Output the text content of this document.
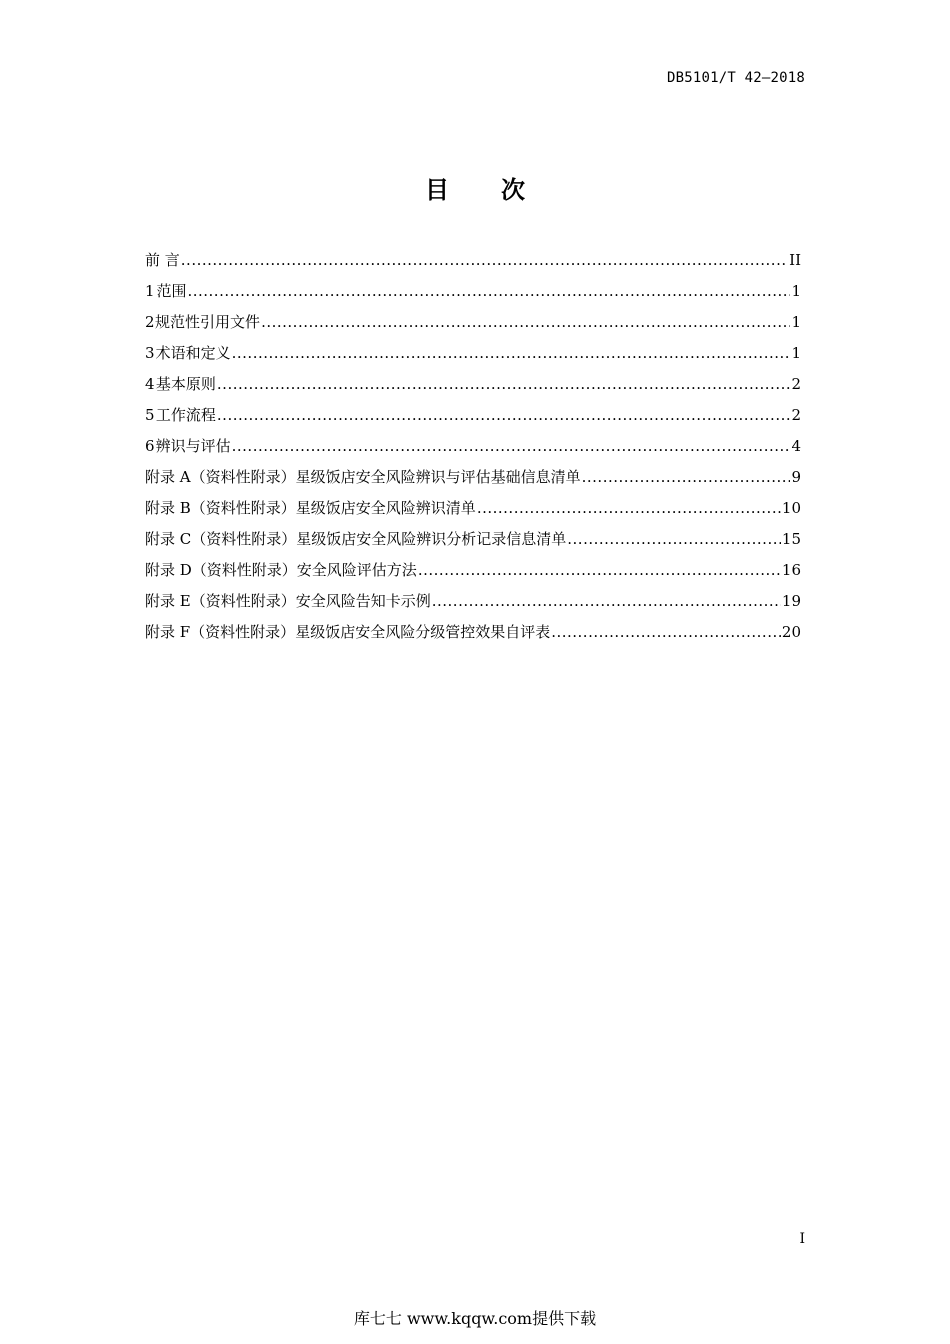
DB5101/T 42—2018
目 次
前 言 .....	II
1 范围 .....	1
2 规范性引用文件 .....	1
3 术语和定义 .....	1
4 基本原则 .....	2
5 工作流程 .....	2
6 辨识与评估 .....	4
附录 A（资料性附录） 星级饭店安全风险辨识与评估基础信息清单 .....	9
附录 B（资料性附录） 星级饭店安全风险辨识清单 .....	10
附录 C（资料性附录） 星级饭店安全风险辨识分析记录信息清单 .....	15
附录 D（资料性附录） 安全风险评估方法 .....	16
附录 E（资料性附录） 安全风险告知卡示例 .....	19
附录 F（资料性附录） 星级饭店安全风险分级管控效果自评表 .....	20
I
库七七 www.kqqw.com提供下载
